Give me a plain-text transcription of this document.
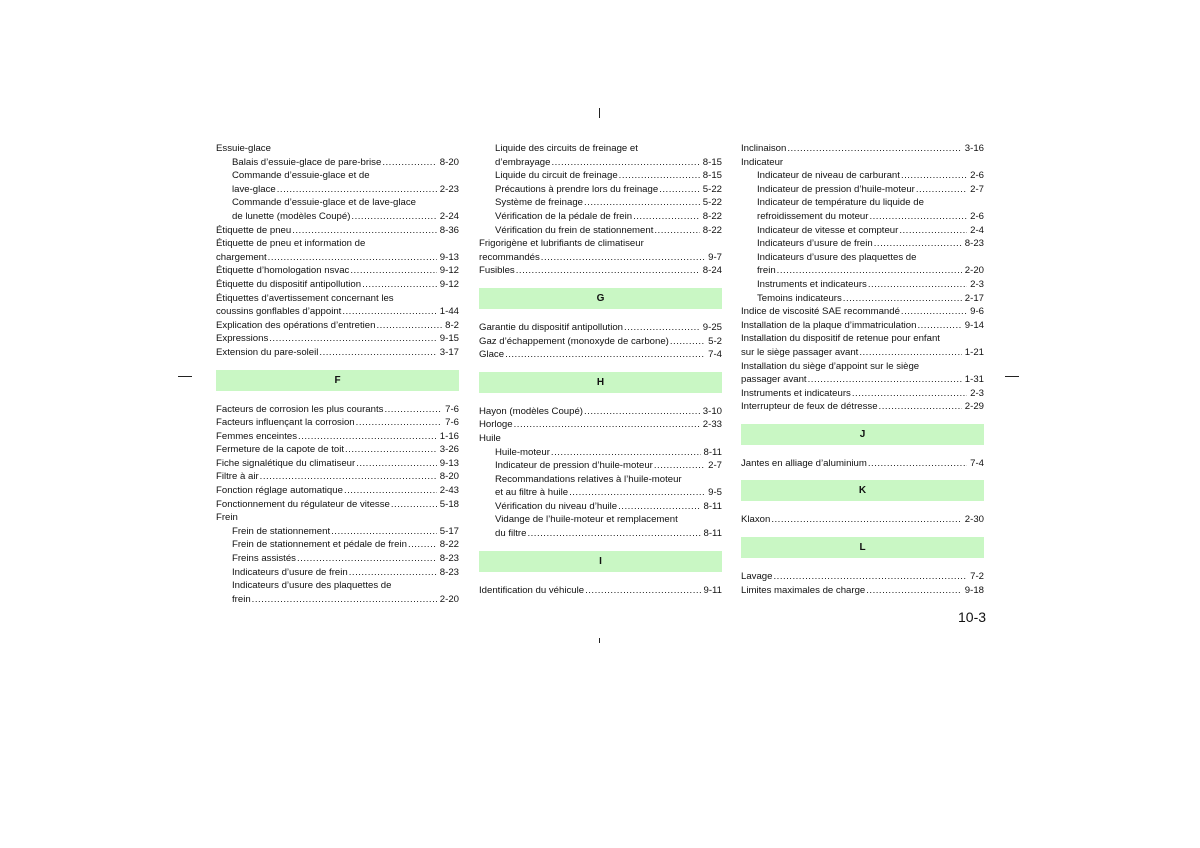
Essuie-glace
Balais d’essuie-glace de pare-brise .....	8-20
Commande d’essuie-glace et de
lave-glace .....	2-23
Commande d’essuie-glace et de lave-glace
de lunette (modèles Coupé) .....	2-24
Étiquette de pneu .....	8-36
Étiquette de pneu et information de
chargement .....	9-13
Étiquette d’homologation nsvac .....	9-12
Étiquette du dispositif antipollution .....	9-12
Étiquettes d’avertissement concernant les
coussins gonflables d’appoint .....	1-44
Explication des opérations d’entretien .....	8-2
Expressions .....	9-15
Extension du pare-soleil .....	3-17
F
Facteurs de corrosion les plus courants .....	7-6
Facteurs influençant la corrosion .....	7-6
Femmes enceintes .....	1-16
Fermeture de la capote de toit .....	3-26
Fiche signalétique du climatiseur .....	9-13
Filtre à air .....	8-20
Fonction réglage automatique .....	2-43
Fonctionnement du régulateur de vitesse .....	5-18
Frein
Frein de stationnement .....	5-17
Frein de stationnement et pédale de frein .....	8-22
Freins assistés .....	8-23
Indicateurs d’usure de frein .....	8-23
Indicateurs d’usure des plaquettes de
frein .....	2-20
Liquide des circuits de freinage et
d’embrayage .....	8-15
Liquide du circuit de freinage .....	8-15
Précautions à prendre lors du freinage .....	5-22
Système de freinage .....	5-22
Vérification de la pédale de frein .....	8-22
Vérification du frein de stationnement .....	8-22
Frigorigène et lubrifiants de climatiseur
recommandés .....	9-7
Fusibles .....	8-24
G
Garantie du dispositif antipollution .....	9-25
Gaz d’échappement (monoxyde de carbone) .....	5-2
Glace .....	7-4
H
Hayon (modèles Coupé) .....	3-10
Horloge .....	2-33
Huile
Huile-moteur .....	8-11
Indicateur de pression d’huile-moteur .....	2-7
Recommandations relatives à l’huile-moteur
et au filtre à huile .....	9-5
Vérification du niveau d’huile .....	8-11
Vidange de l’huile-moteur et remplacement
du filtre .....	8-11
I
Identification du véhicule .....	9-11
Inclinaison .....	3-16
Indicateur
Indicateur de niveau de carburant .....	2-6
Indicateur de pression d’huile-moteur .....	2-7
Indicateur de température du liquide de
refroidissement du moteur .....	2-6
Indicateur de vitesse et compteur .....	2-4
Indicateurs d’usure de frein .....	8-23
Indicateurs d’usure des plaquettes de
frein .....	2-20
Instruments et indicateurs .....	2-3
Temoins indicateurs .....	2-17
Indice de viscosité SAE recommandé .....	9-6
Installation de la plaque d’immatriculation .....	9-14
Installation du dispositif de retenue pour enfant
sur le siège passager avant .....	1-21
Installation du siège d’appoint sur le siège
passager avant .....	1-31
Instruments et indicateurs .....	2-3
Interrupteur de feux de détresse .....	2-29
J
Jantes en alliage d’aluminium .....	7-4
K
Klaxon .....	2-30
L
Lavage .....	7-2
Limites maximales de charge .....	9-18
10-3
